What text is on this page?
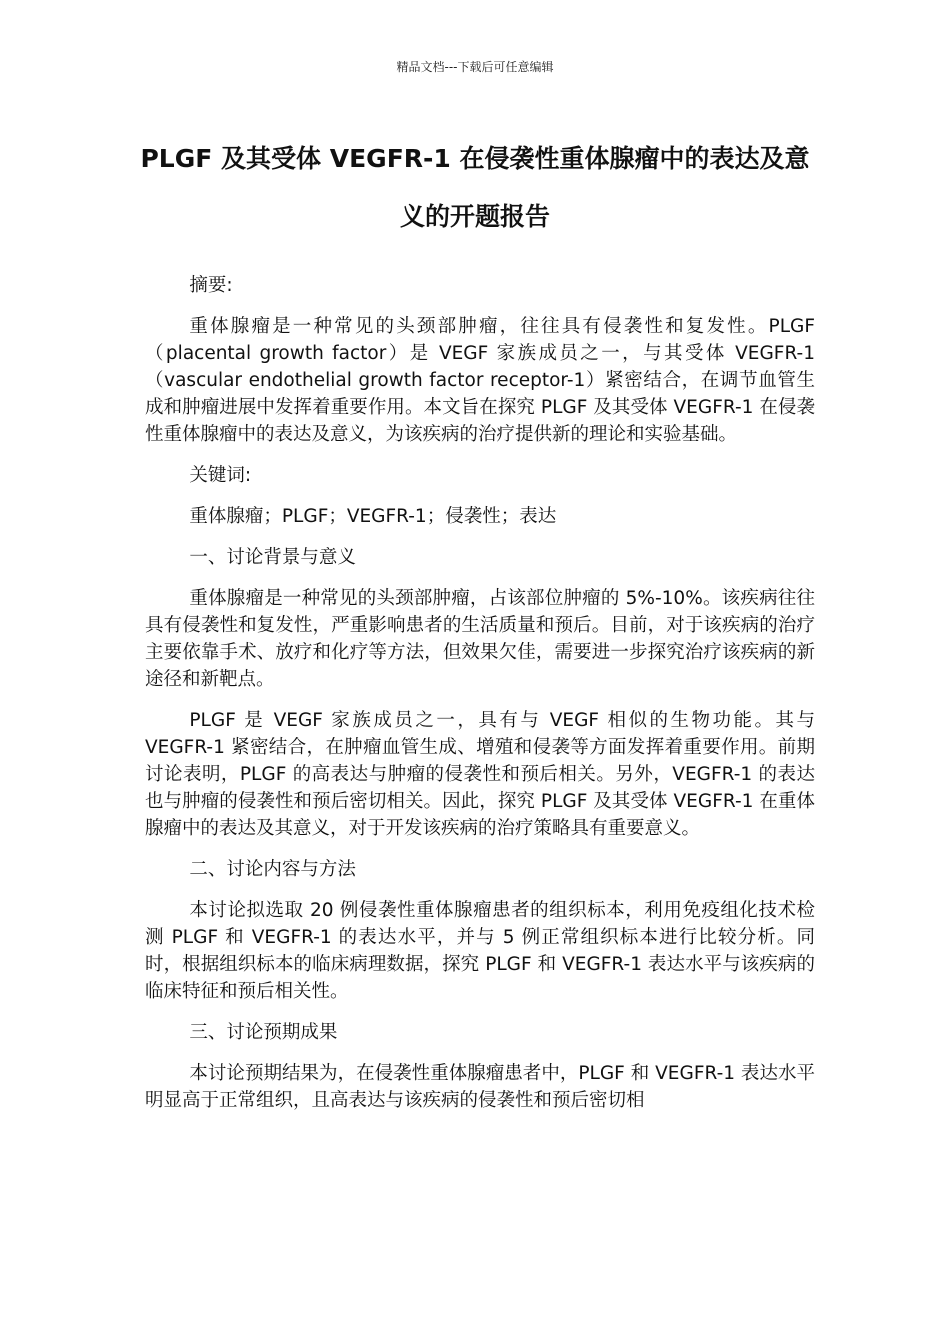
精品文档---下载后可任意编辑
PLGF 及其受体 VEGFR-1 在侵袭性重体腺瘤中的表达及意义的开题报告

摘要:

重体腺瘤是一种常见的头颈部肿瘤，往往具有侵袭性和复发性。PLGF（placental growth factor）是 VEGF 家族成员之一，与其受体 VEGFR-1（vascular endothelial growth factor receptor-1）紧密结合，在调节血管生成和肿瘤进展中发挥着重要作用。本文旨在探究 PLGF 及其受体 VEGFR-1 在侵袭性重体腺瘤中的表达及意义，为该疾病的治疗提供新的理论和实验基础。

关键词:

重体腺瘤；PLGF；VEGFR-1；侵袭性；表达

一、讨论背景与意义

重体腺瘤是一种常见的头颈部肿瘤，占该部位肿瘤的 5%-10%。该疾病往往具有侵袭性和复发性，严重影响患者的生活质量和预后。目前，对于该疾病的治疗主要依靠手术、放疗和化疗等方法，但效果欠佳，需要进一步探究治疗该疾病的新途径和新靶点。

PLGF 是 VEGF 家族成员之一，具有与 VEGF 相似的生物功能。其与 VEGFR-1 紧密结合，在肿瘤血管生成、增殖和侵袭等方面发挥着重要作用。前期讨论表明，PLGF 的高表达与肿瘤的侵袭性和预后相关。另外，VEGFR-1 的表达也与肿瘤的侵袭性和预后密切相关。因此，探究 PLGF 及其受体 VEGFR-1 在重体腺瘤中的表达及其意义，对于开发该疾病的治疗策略具有重要意义。

二、讨论内容与方法

本讨论拟选取 20 例侵袭性重体腺瘤患者的组织标本，利用免疫组化技术检测 PLGF 和 VEGFR-1 的表达水平，并与 5 例正常组织标本进行比较分析。同时，根据组织标本的临床病理数据，探究 PLGF 和 VEGFR-1 表达水平与该疾病的临床特征和预后相关性。

三、讨论预期成果

本讨论预期结果为，在侵袭性重体腺瘤患者中，PLGF 和 VEGFR-1 表达水平明显高于正常组织，且高表达与该疾病的侵袭性和预后密切相
